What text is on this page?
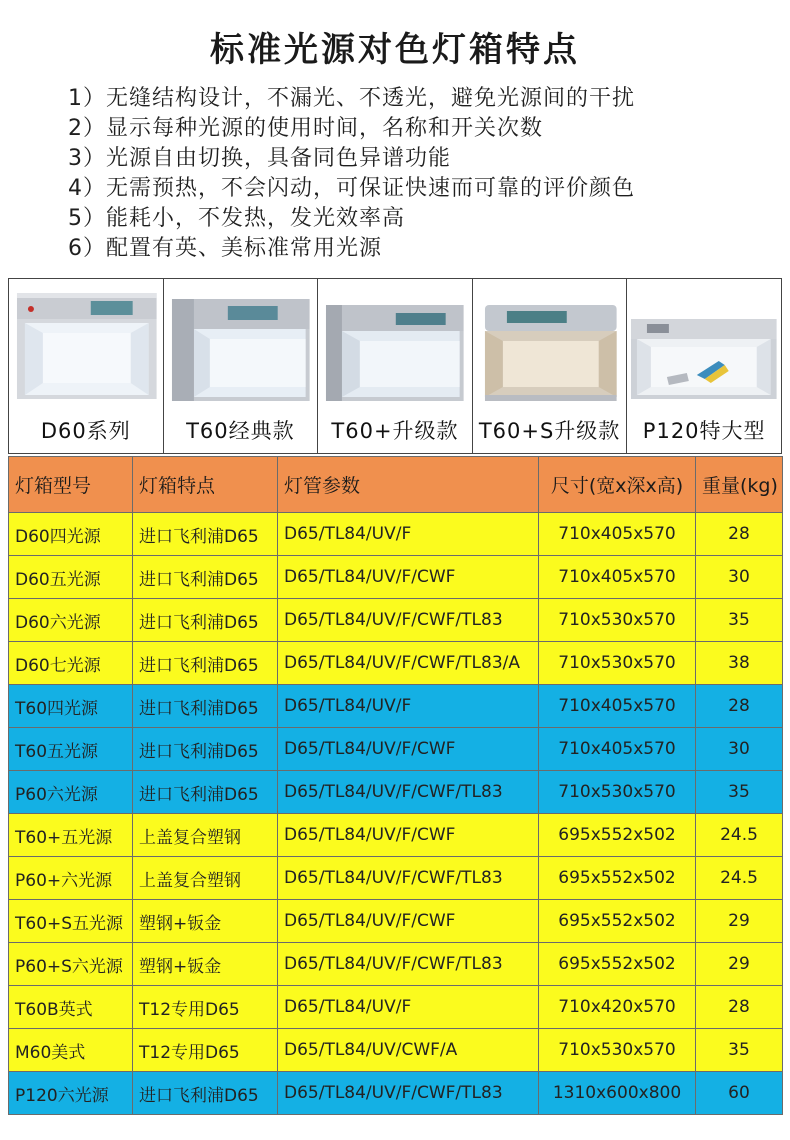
标准光源对色灯箱特点
1）无缝结构设计，不漏光、不透光，避免光源间的干扰
2）显示每种光源的使用时间，名称和开关次数
3）光源自由切换，具备同色异谱功能
4）无需预热，不会闪动，可保证快速而可靠的评价颜色
5）能耗小，不发热，发光效率高
6）配置有英、美标准常用光源
D60系列	T60经典款 T60+升级款 T60+S升级款 P120特大型
灯箱型号	灯箱特点	灯管参数	尺寸(宽x深x高)	重量(kg)
D60四光源	进口飞利浦D65	D65/TL84/UV/F	710x405x570	28
D60五光源	进口飞利浦D65	D65/TL84/UV/F/CWF	710x405x570	30
D60六光源	进口飞利浦D65	D65/TL84/UV/F/CWF/TL83	710x530x570	35
D60七光源	进口飞利浦D65	D65/TL84/UV/F/CWF/TL83/A	710x530x570	38
T60四光源	进口飞利浦D65	D65/TL84/UV/F	710x405x570	28
T60五光源	进口飞利浦D65	D65/TL84/UV/F/CWF	710x405x570	30
P60六光源	进口飞利浦D65	D65/TL84/UV/F/CWF/TL83	710x530x570	35
T60+五光源	上盖复合塑钢	D65/TL84/UV/F/CWF	695x552x502	24.5
P60+六光源	上盖复合塑钢	D65/TL84/UV/F/CWF/TL83	695x552x502	24.5
T60+S五光源	塑钢+钣金	D65/TL84/UV/F/CWF	695x552x502	29
P60+S六光源	塑钢+钣金	D65/TL84/UV/F/CWF/TL83	695x552x502	29
T60B英式	T12专用D65	D65/TL84/UV/F	710x420x570	28
M60美式	T12专用D65	D65/TL84/UV/CWF/A	710x530x570	35
P120六光源	进口飞利浦D65	D65/TL84/UV/F/CWF/TL83	1310x600x800	60
